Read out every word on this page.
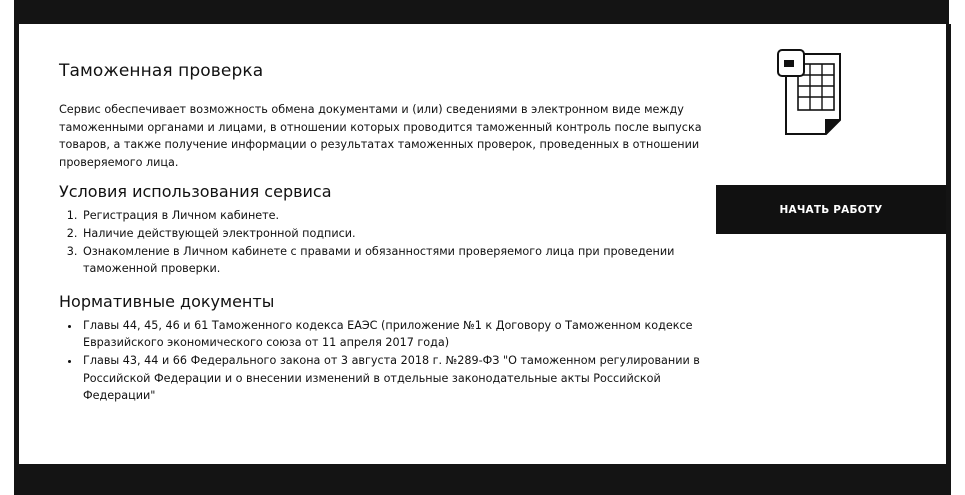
Таможенная проверка

Сервис обеспечивает возможность обмена документами и (или) сведениями в электронном виде между таможенными органами и лицами, в отношении которых проводится таможенный контроль после выпуска товаров, а также получение информации о результатах таможенных проверок, проведенных в отношении проверяемого лица.

Условия использования сервиса
1. Регистрация в Личном кабинете.
2. Наличие действующей электронной подписи.
3. Ознакомление в Личном кабинете с правами и обязанностями проверяемого лица при проведении таможенной проверки.
Нормативные документы
• Главы 44, 45, 46 и 61 Таможенного кодекса ЕАЭС (приложение №1 к Договору о Таможенном кодексе Евразийского экономического союза от 11 апреля 2017 года)
• Главы 43, 44 и 66 Федерального закона от 3 августа 2018 г. №289-ФЗ "О таможенном регулировании в Российской Федерации и о внесении изменений в отдельные законодательные акты Российской Федерации"
НАЧАТЬ РАБОТУ
